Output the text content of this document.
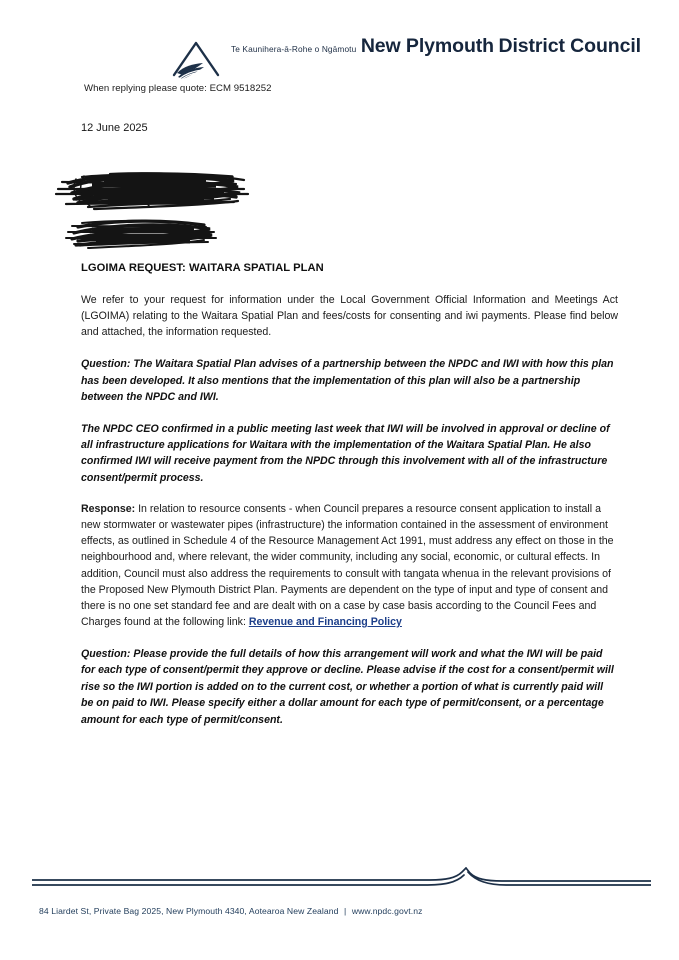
Te Kaunihera-ā-Rohe o Ngāmotu New Plymouth District Council
When replying please quote: ECM 9518252
12 June 2025
LGOIMA REQUEST: WAITARA SPATIAL PLAN

We refer to your request for information under the Local Government Official Information and Meetings Act (LGOIMA) relating to the Waitara Spatial Plan and fees/costs for consenting and iwi payments. Please find below and attached, the information requested.

Question: The Waitara Spatial Plan advises of a partnership between the NPDC and IWI with how this plan has been developed. It also mentions that the implementation of this plan will also be a partnership between the NPDC and IWI.

The NPDC CEO confirmed in a public meeting last week that IWI will be involved in approval or decline of all infrastructure applications for Waitara with the implementation of the Waitara Spatial Plan. He also confirmed IWI will receive payment from the NPDC through this involvement with all of the infrastructure consent/permit process.

Response: In relation to resource consents - when Council prepares a resource consent application to install a new stormwater or wastewater pipes (infrastructure) the information contained in the assessment of environment effects, as outlined in Schedule 4 of the Resource Management Act 1991, must address any effect on those in the neighbourhood and, where relevant, the wider community, including any social, economic, or cultural effects. In addition, Council must also address the requirements to consult with tangata whenua in the relevant provisions of the Proposed New Plymouth District Plan. Payments are dependent on the type of input and type of consent and there is no one set standard fee and are dealt with on a case by case basis according to the Council Fees and Charges found at the following link: Revenue and Financing Policy

Question: Please provide the full details of how this arrangement will work and what the IWI will be paid for each type of consent/permit they approve or decline. Please advise if the cost for a consent/permit will rise so the IWI portion is added on to the current cost, or whether a portion of what is currently paid will be on paid to IWI. Please specify either a dollar amount for each type of permit/consent, or a percentage amount for each type of permit/consent.

84 Liardet St, Private Bag 2025, New Plymouth 4340, Aotearoa New Zealand | www.npdc.govt.nz
